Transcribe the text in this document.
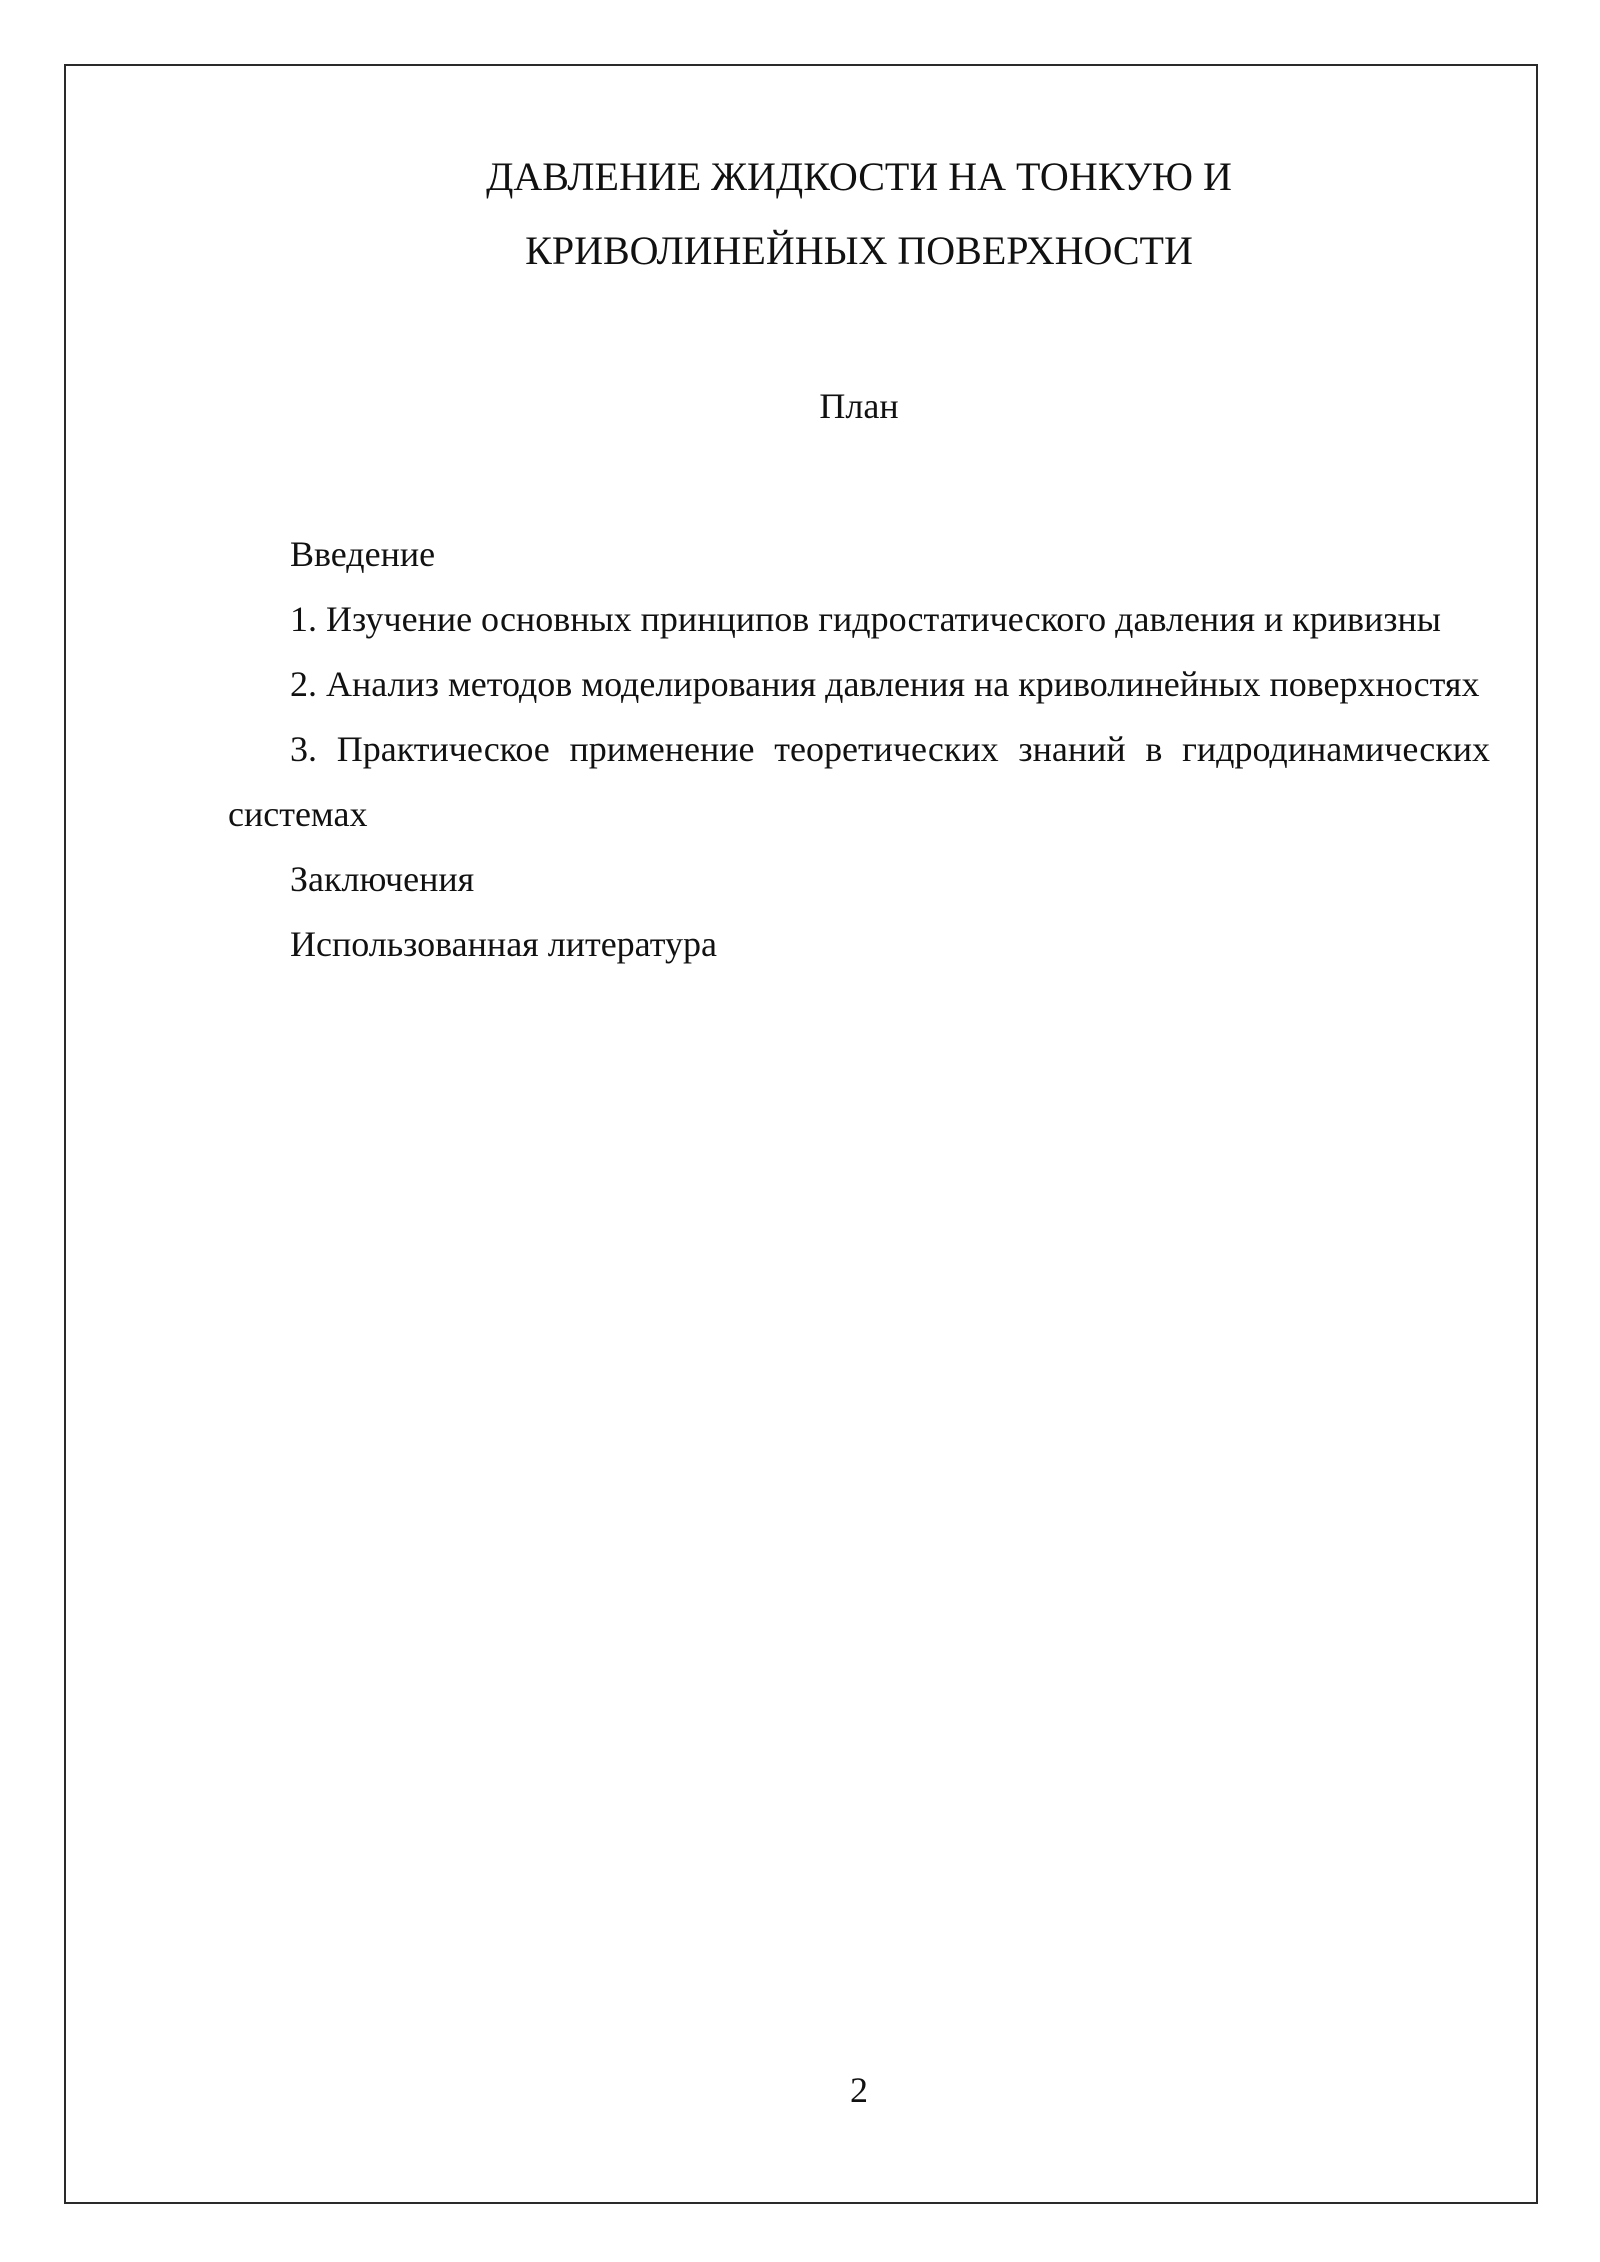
ДАВЛЕНИЕ ЖИДКОСТИ НА ТОНКУЮ И
КРИВОЛИНЕЙНЫХ ПОВЕРХНОСТИ
План
Введение
1. Изучение основных принципов гидростатического давления и кривизны
2. Анализ методов моделирования давления на криволинейных поверхностях
3. Практическое применение теоретических знаний в гидродинамических системах
Заключения
Использованная литература
2
